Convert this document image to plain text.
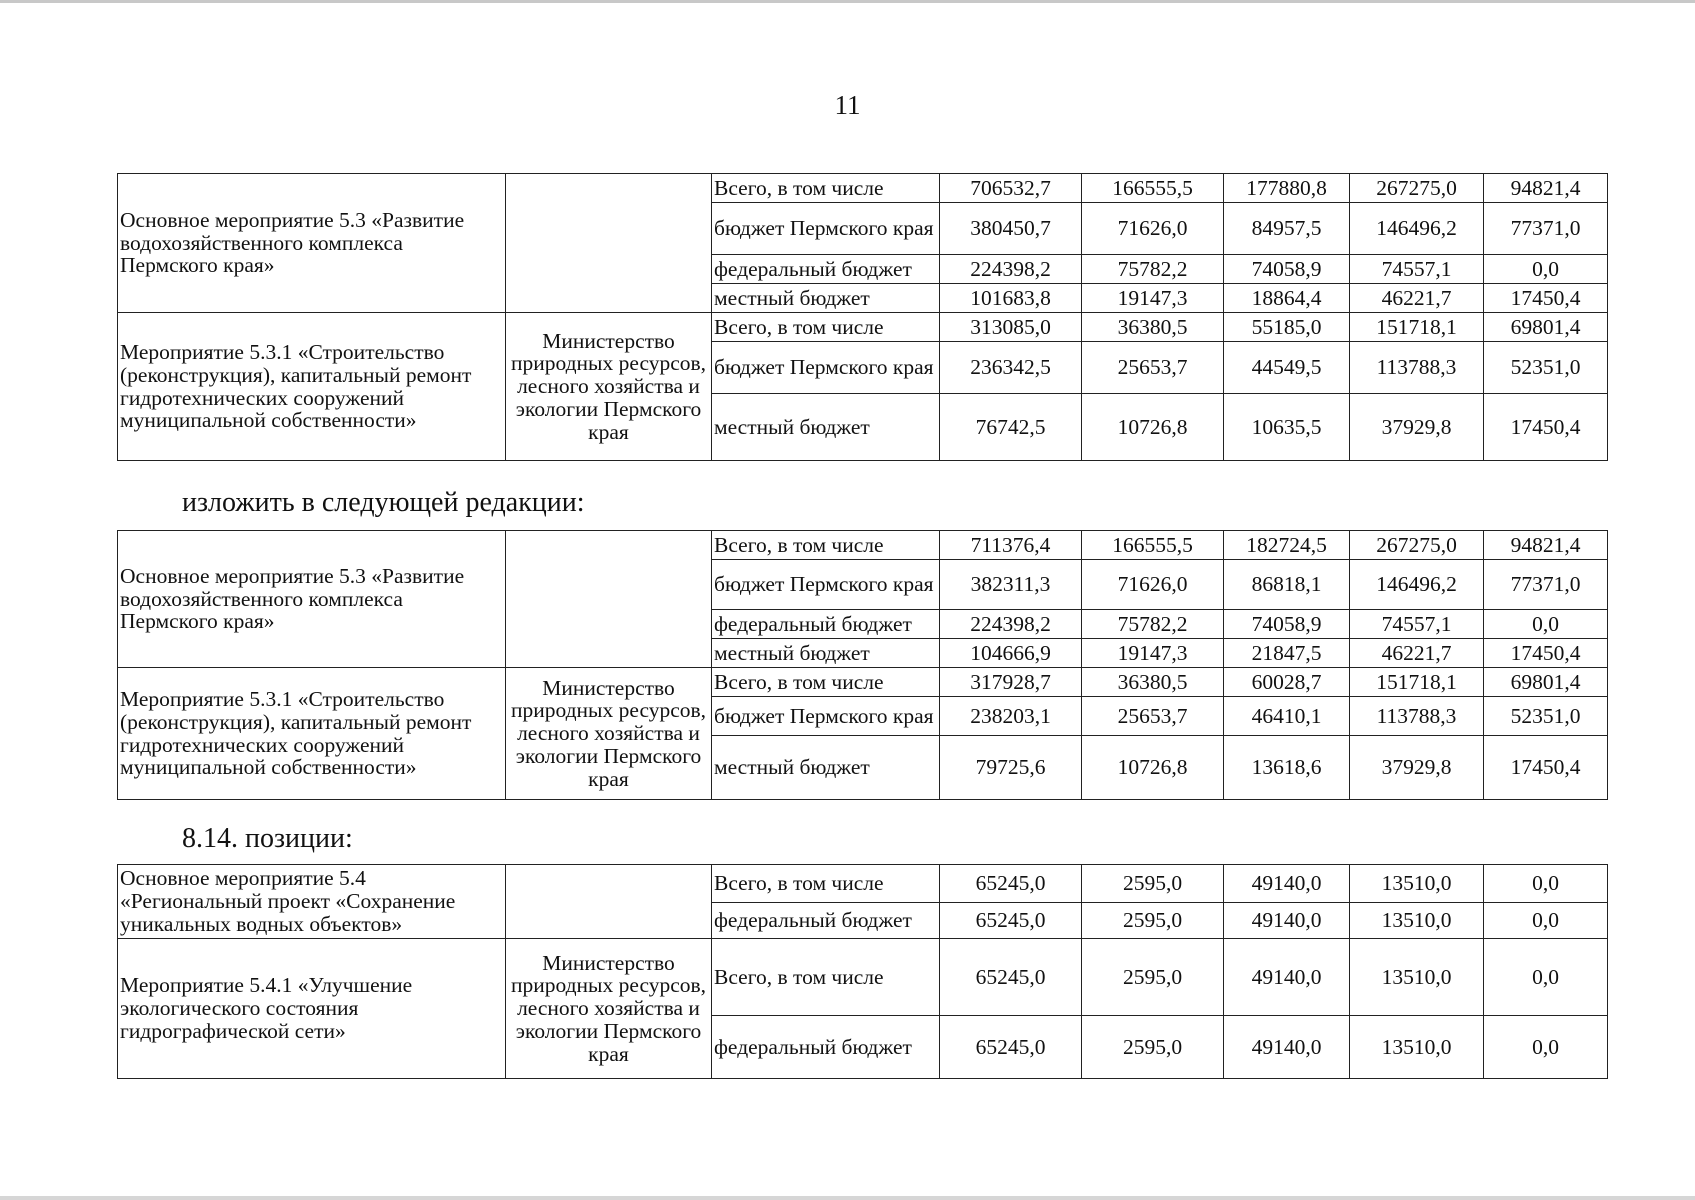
11
Основное мероприятие 5.3 «Развитие водохозяйственного комплекса Пермского края»		Всего, в том числе	706532,7	166555,5	177880,8	267275,0	94821,4
		бюджет Пермского края	380450,7	71626,0	84957,5	146496,2	77371,0
		федеральный бюджет	224398,2	75782,2	74058,9	74557,1	0,0
		местный бюджет	101683,8	19147,3	18864,4	46221,7	17450,4
Мероприятие 5.3.1 «Строительство (реконструкция), капитальный ремонт гидротехнических сооружений муниципальной собственности»	Министерство природных ресурсов, лесного хозяйства и экологии Пермского края	Всего, в том числе	313085,0	36380,5	55185,0	151718,1	69801,4
		бюджет Пермского края	236342,5	25653,7	44549,5	113788,3	52351,0
		местный бюджет	76742,5	10726,8	10635,5	37929,8	17450,4
изложить в следующей редакции:
Основное мероприятие 5.3 «Развитие водохозяйственного комплекса Пермского края»		Всего, в том числе	711376,4	166555,5	182724,5	267275,0	94821,4
		бюджет Пермского края	382311,3	71626,0	86818,1	146496,2	77371,0
		федеральный бюджет	224398,2	75782,2	74058,9	74557,1	0,0
		местный бюджет	104666,9	19147,3	21847,5	46221,7	17450,4
Мероприятие 5.3.1 «Строительство (реконструкция), капитальный ремонт гидротехнических сооружений муниципальной собственности»	Министерство природных ресурсов, лесного хозяйства и экологии Пермского края	Всего, в том числе	317928,7	36380,5	60028,7	151718,1	69801,4
		бюджет Пермского края	238203,1	25653,7	46410,1	113788,3	52351,0
		местный бюджет	79725,6	10726,8	13618,6	37929,8	17450,4
8.14. позиции:
Основное мероприятие 5.4 «Региональный проект «Сохранение уникальных водных объектов»		Всего, в том числе	65245,0	2595,0	49140,0	13510,0	0,0
		федеральный бюджет	65245,0	2595,0	49140,0	13510,0	0,0
Мероприятие 5.4.1 «Улучшение экологического состояния гидрографической сети»	Министерство природных ресурсов, лесного хозяйства и экологии Пермского края	Всего, в том числе	65245,0	2595,0	49140,0	13510,0	0,0
		федеральный бюджет	65245,0	2595,0	49140,0	13510,0	0,0
